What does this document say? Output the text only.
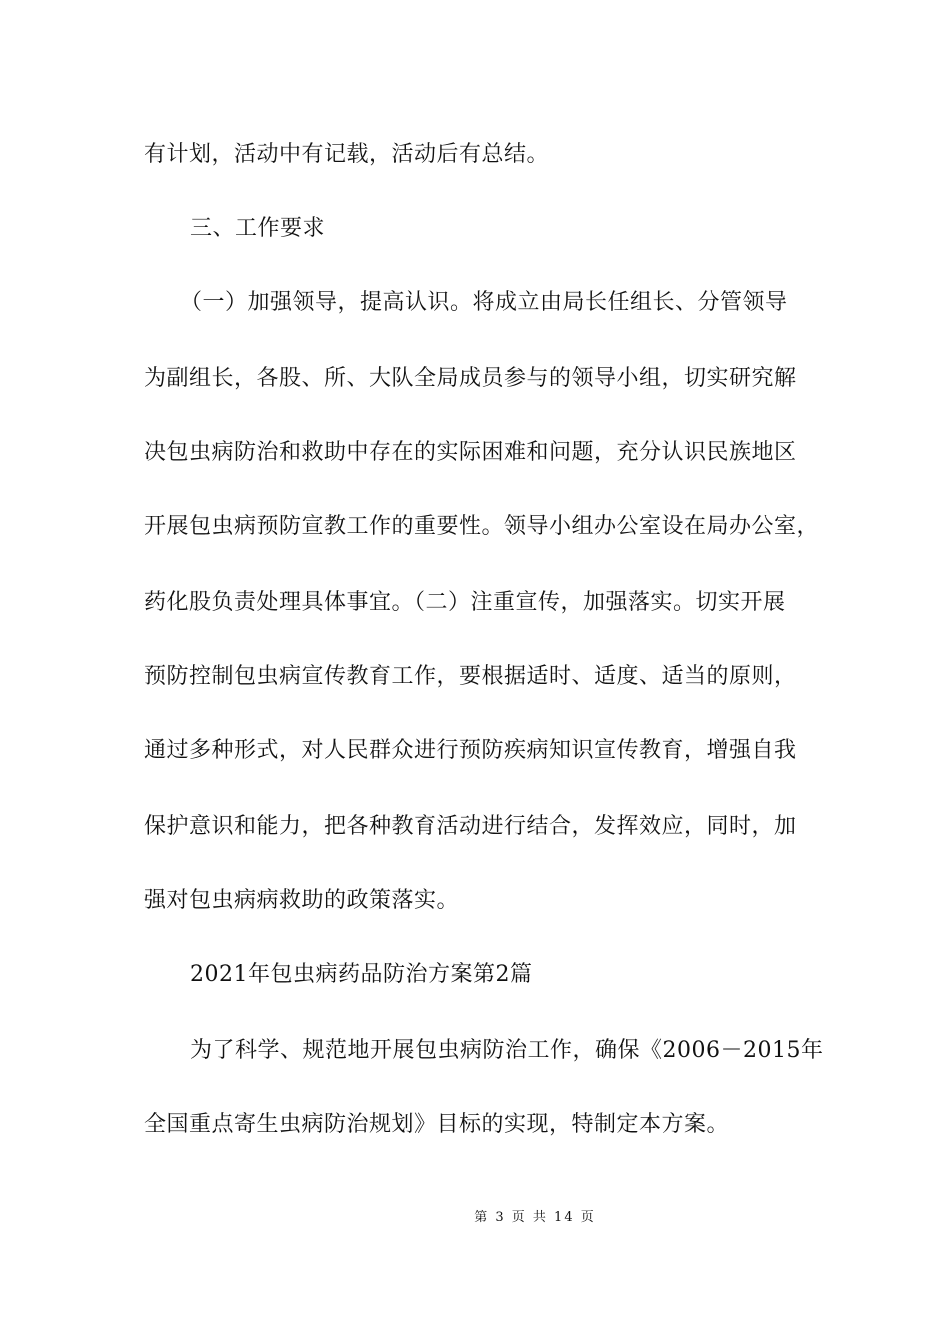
有计划，活动中有记载，活动后有总结。
三、工作要求
（一）加强领导，提高认识。将成立由局长任组长、分管领导
为副组长，各股、所、大队全局成员参与的领导小组，切实研究解
决包虫病防治和救助中存在的实际困难和问题，充分认识民族地区
开展包虫病预防宣教工作的重要性。领导小组办公室设在局办公室，
药化股负责处理具体事宜。（二）注重宣传，加强落实。切实开展
预防控制包虫病宣传教育工作，要根据适时、适度、适当的原则，
通过多种形式，对人民群众进行预防疾病知识宣传教育，增强自我
保护意识和能力，把各种教育活动进行结合，发挥效应，同时，加
强对包虫病病救助的政策落实。
2021年包虫病药品防治方案第2篇
为了科学、规范地开展包虫病防治工作，确保《2006－2015年
全国重点寄生虫病防治规划》目标的实现，特制定本方案。
第 3 页 共 14 页
